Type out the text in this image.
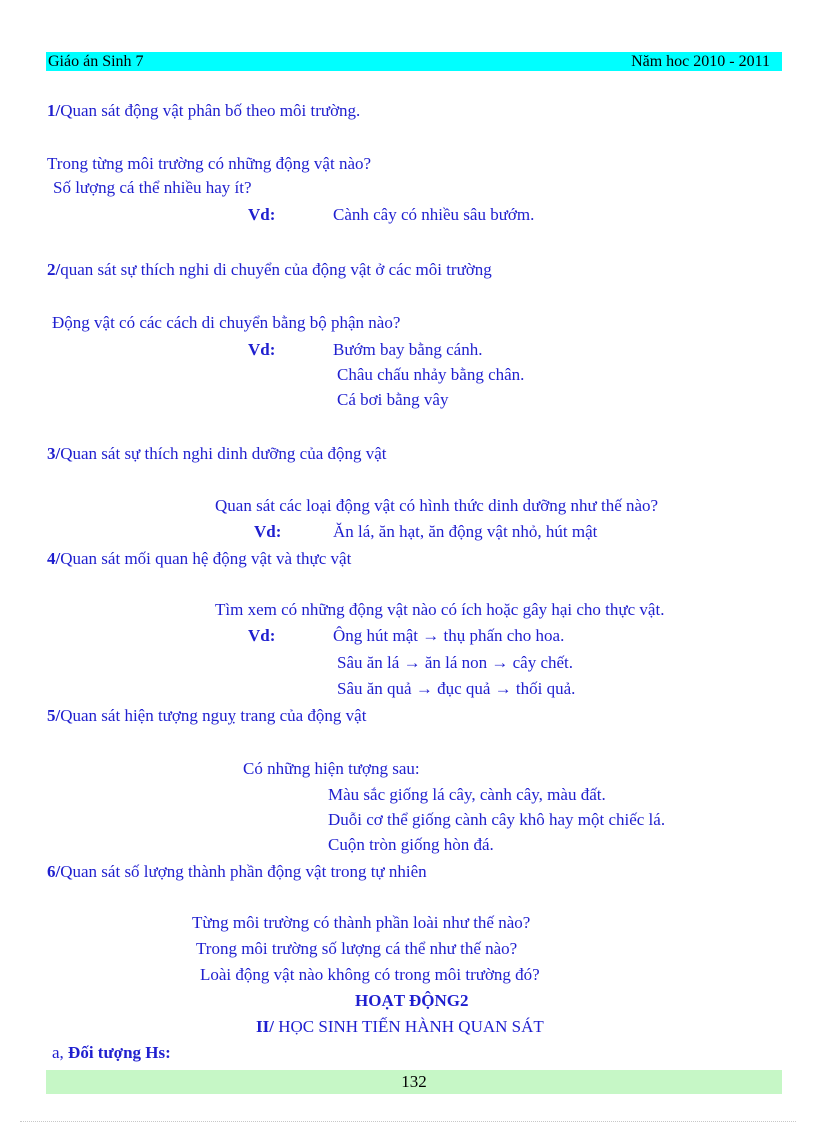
Giáo án Sinh 7	Năm hoc 2010 - 2011
1/Quan sát động vật phân bố theo môi trường.
Trong từng môi trường có những động vật nào?
Số lượng cá thể nhiều hay ít?
Vd:	Cành cây có nhiều sâu bướm.
2/quan sát sự thích nghi di chuyển của động vật ở các môi trường
Động vật có các cách di chuyển bằng bộ phận nào?
Vd:	Bướm bay bằng cánh.
Châu chấu nhảy bằng chân.
Cá bơi bằng vây
3/Quan sát sự thích nghi dinh dưỡng của động vật
Quan sát các loại động vật có hình thức dinh dưỡng như thế nào?
Vd:	Ăn lá, ăn hạt, ăn động vật nhỏ, hút mật
4/Quan sát mối quan hệ động vật và thực vật
Tìm xem có những động vật nào có ích hoặc gây hại cho thực vật.
Vd:	Ông hút mật → thụ phấn cho hoa.
Sâu ăn lá → ăn lá non → cây chết.
Sâu ăn quả → đục quả → thối quả.
5/Quan sát hiện tượng nguỵ trang của động vật
Có những hiện tượng sau:
Màu sắc giống lá cây, cành cây, màu đất.
Duỗi cơ thể giống cành cây khô hay một chiếc lá.
Cuộn tròn giống hòn đá.
6/Quan sát số lượng thành phần động vật trong tự nhiên
Từng môi trường có thành phần loài như thế nào?
Trong môi trường số lượng cá thể như thế nào?
Loài động vật nào không có trong môi trường đó?
HOẠT ĐỘNG2
II/ HỌC SINH TIẾN HÀNH QUAN SÁT
a, Đối tượng Hs:
132
